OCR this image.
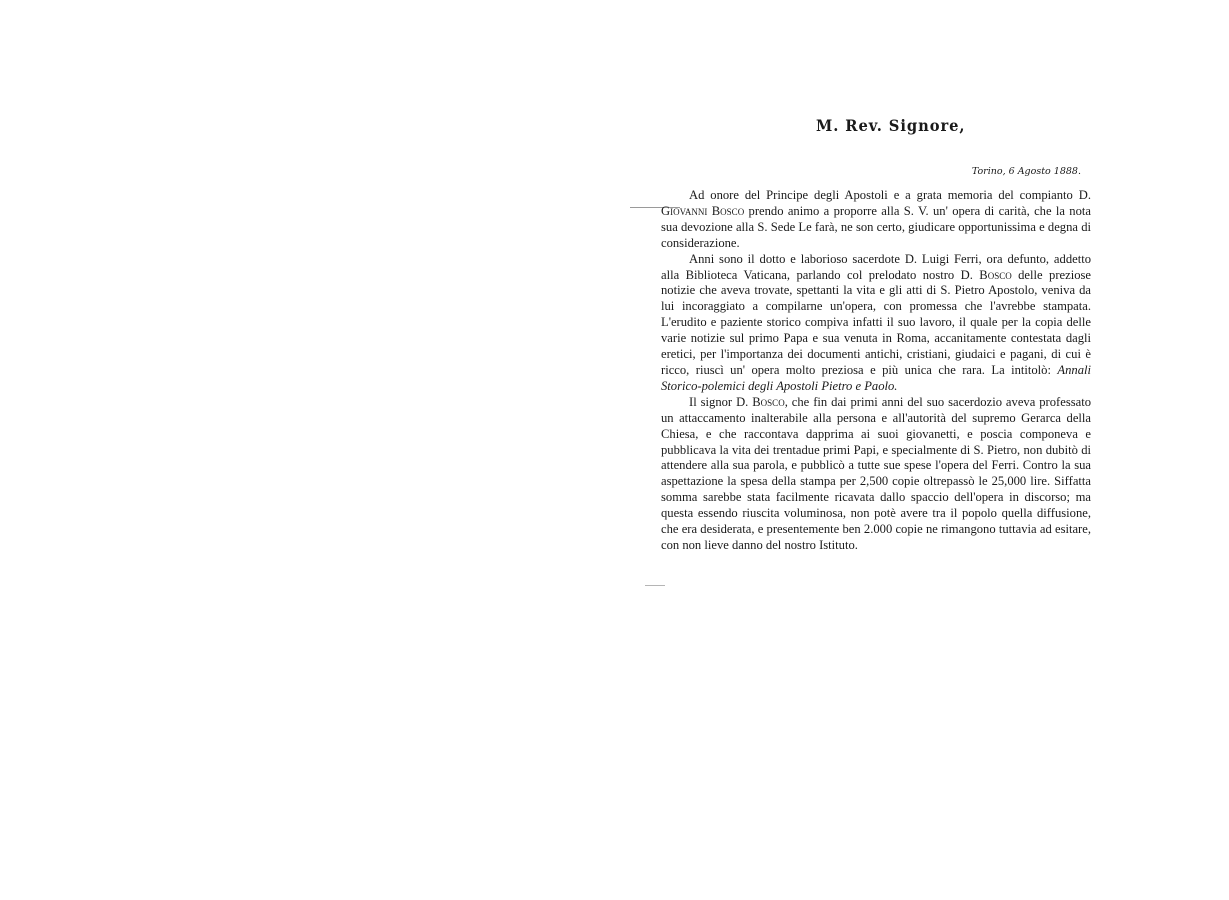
M. Rev. Signore,
Torino, 6 Agosto 1888.

Ad onore del Principe degli Apostoli e a grata memoria del compianto D. Giovanni Bosco prendo animo a proporre alla S. V. un' opera di carità, che la nota sua devozione alla S. Sede Le farà, ne son certo, giudicare opportunissima e degna di considerazione.

Anni sono il dotto e laborioso sacerdote D. Luigi Ferri, ora defunto, addetto alla Biblioteca Vaticana, parlando col prelodato nostro D. Bosco delle preziose notizie che aveva trovate, spettanti la vita e gli atti di S. Pietro Apostolo, veniva da lui incoraggiato a compilarne un'opera, con promessa che l'avrebbe stampata. L'erudito e paziente storico compiva infatti il suo lavoro, il quale per la copia delle varie notizie sul primo Papa e sua venuta in Roma, accanitamente contestata dagli eretici, per l'importanza dei documenti antichi, cristiani, giudaici e pagani, di cui è ricco, riuscì un' opera molto preziosa e più unica che rara. La intitolò: Annali Storico-polemici degli Apostoli Pietro e Paolo.

Il signor D. Bosco, che fin dai primi anni del suo sacerdozio aveva professato un attaccamento inalterabile alla persona e all'autorità del supremo Gerarca della Chiesa, e che raccontava dapprima ai suoi giovanetti, e poscia componeva e pubblicava la vita dei trentadue primi Papi, e specialmente di S. Pietro, non dubitò di attendere alla sua parola, e pubblicò a tutte sue spese l'opera del Ferri. Contro la sua aspettazione la spesa della stampa per 2,500 copie oltrepassò le 25,000 lire. Siffatta somma sarebbe stata facilmente ricavata dallo spaccio dell'opera in discorso; ma questa essendo riuscita voluminosa, non potè avere tra il popolo quella diffusione, che era desiderata, e presentemente ben 2.000 copie ne rimangono tuttavia ad esitare, con non lieve danno del nostro Istituto.
